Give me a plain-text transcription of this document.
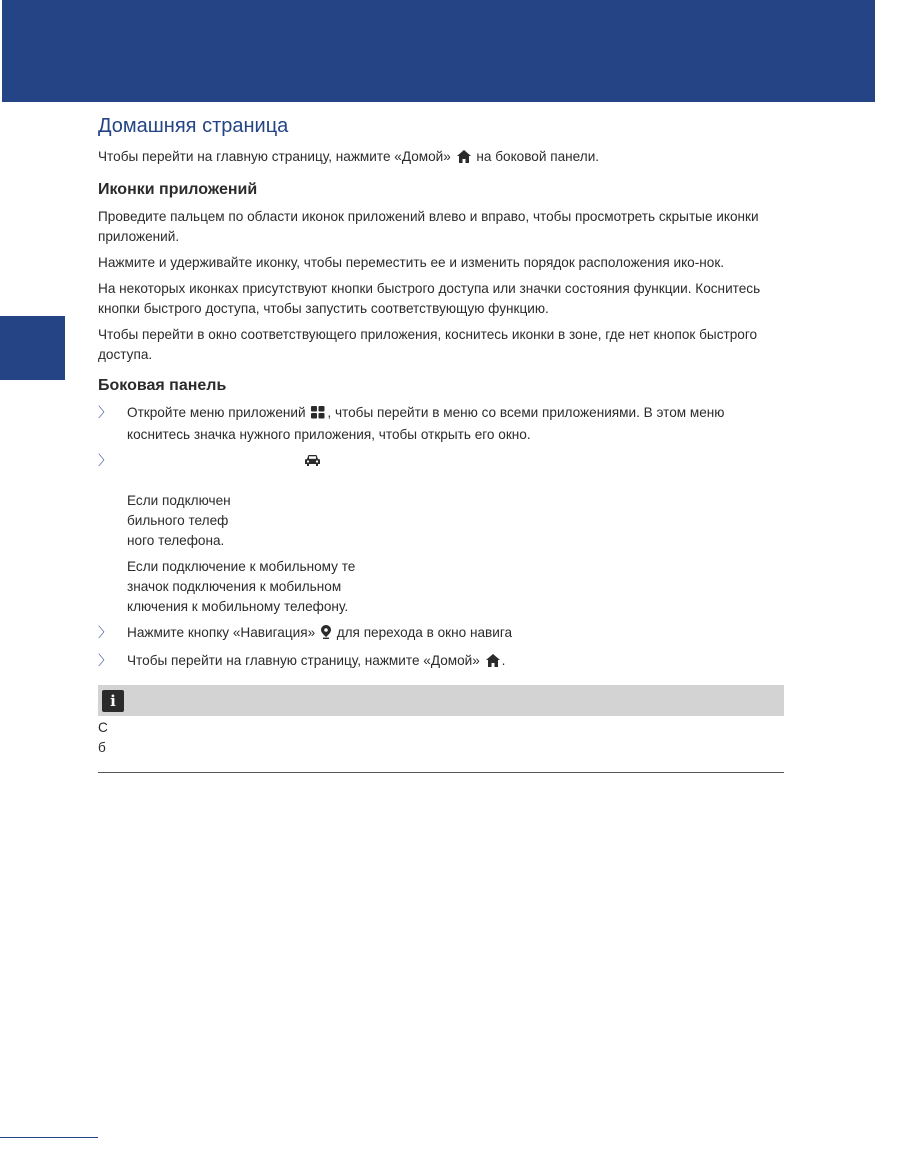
Домашняя страница

Чтобы перейти на главную страницу, нажмите «Домой»  на боковой панели.

Иконки приложений

Проведите пальцем по области иконок приложений влево и вправо, чтобы просмотреть скрытые иконки приложений.

Нажмите и удерживайте иконку, чтобы переместить ее и изменить порядок расположения ико-нок.

На некоторых иконках присутствуют кнопки быстрого доступа или значки состояния функции. Коснитесь кнопки быстрого доступа, чтобы запустить соответствующую функцию.

Чтобы перейти в окно соответствующего приложения, коснитесь иконки в зоне, где нет кнопок быстрого доступа.

Боковая панель
〉 Откройте меню приложений , чтобы перейти в меню со всеми приложениями. В этом меню коснитесь значка нужного приложения, чтобы открыть его окно.
〉
Если подключен
бильного телеф
ного телефона.
Если подключение к мобильному те
значок подключения к мобильном
ключения к мобильному телефону.
〉 Нажмите кнопку «Навигация»  для перехода в окно навига
〉 Чтобы перейти на главную страницу, нажмите «Домой» .
i
С
б
